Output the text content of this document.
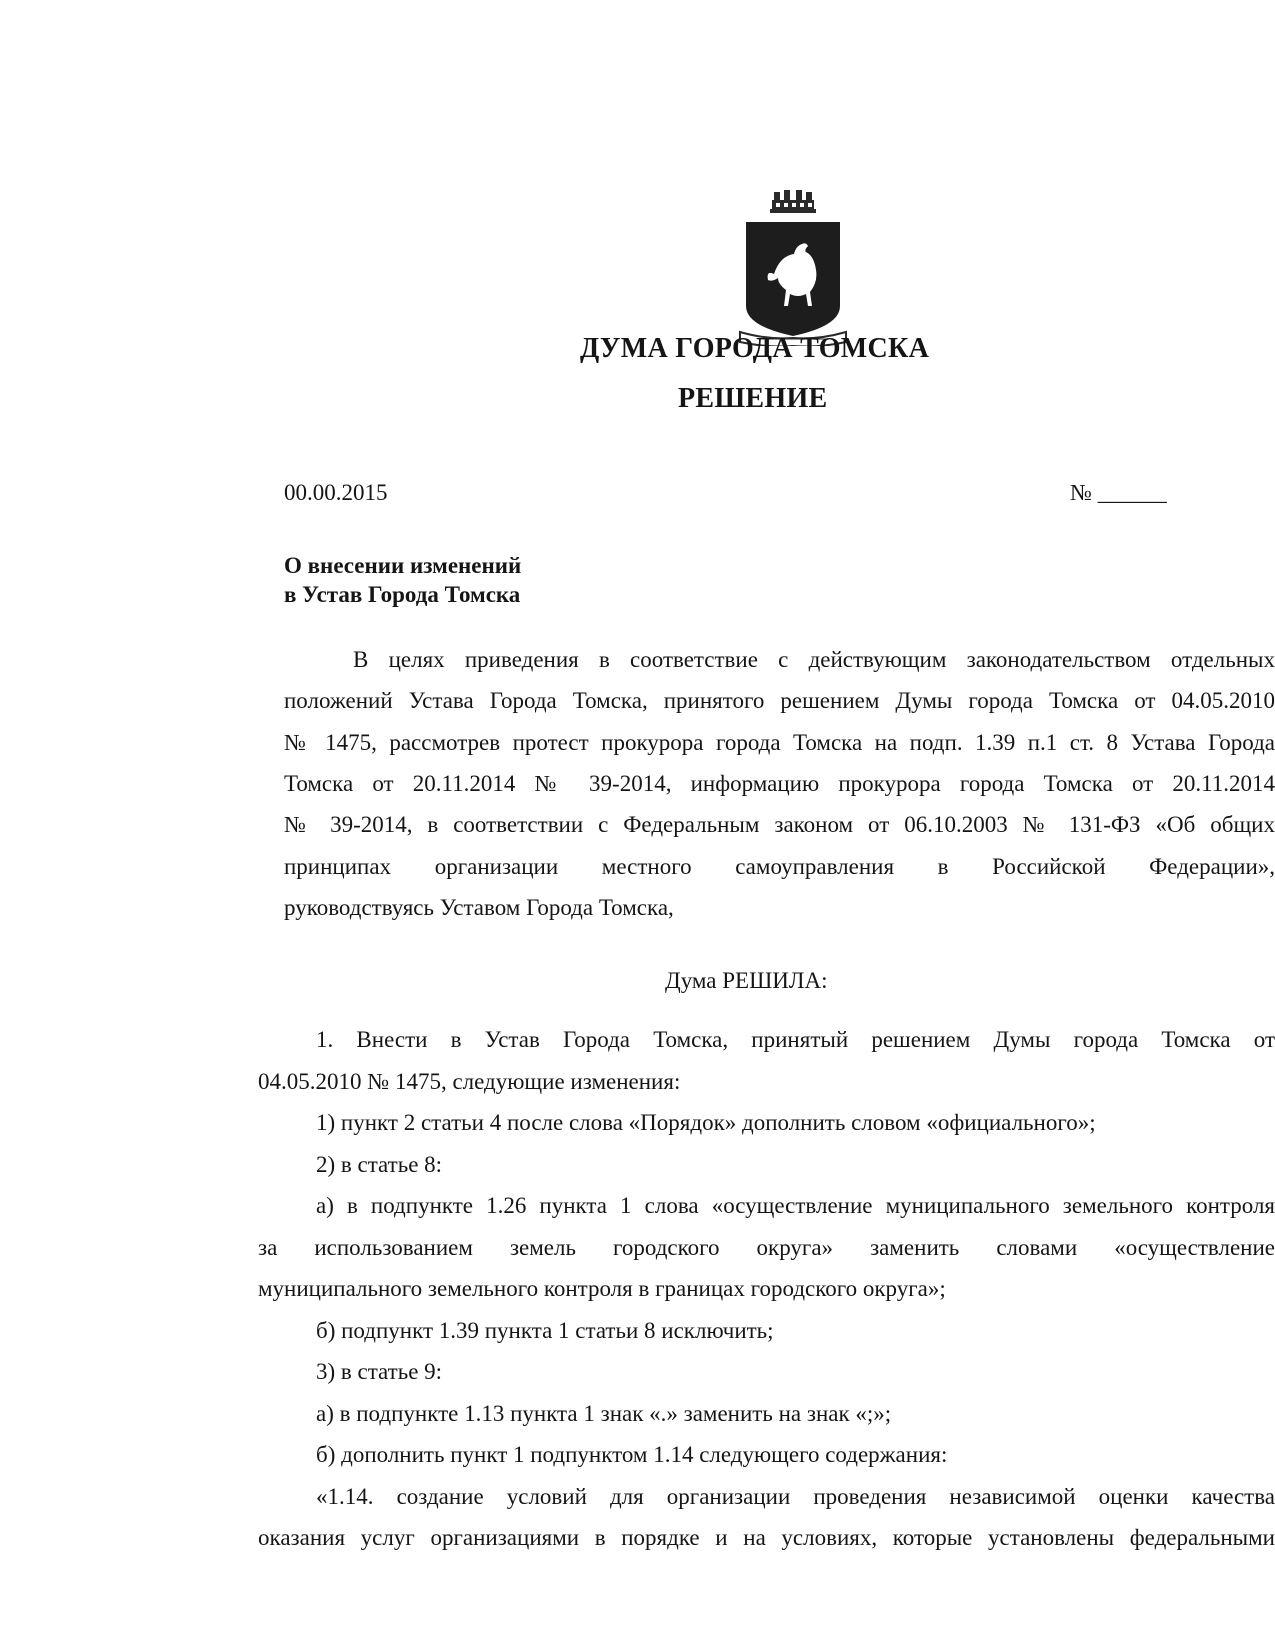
ДУМА ГОРОДА ТОМСКА

РЕШЕНИЕ

00.00.2015	№ ______

О внесении изменений

в Устав Города Томска

В целях приведения в соответствие с действующим законодательством отдельных

положений Устава Города Томска, принятого решением Думы города Томска от 04.05.2010

№ 1475, рассмотрев протест прокурора города Томска на подп. 1.39 п.1 ст. 8 Устава Города

Томска от 20.11.2014 № 39-2014, информацию прокурора города Томска от 20.11.2014

№ 39-2014, в соответствии с Федеральным законом от 06.10.2003 № 131-ФЗ «Об общих

принципах организации местного самоуправления в Российской Федерации»,

руководствуясь Уставом Города Томска,

Дума РЕШИЛА:

1. Внести в Устав Города Томска, принятый решением Думы города Томска от

04.05.2010 № 1475, следующие изменения:

1) пункт 2 статьи 4 после слова «Порядок» дополнить словом «официального»;

2) в статье 8:

а) в подпункте 1.26 пункта 1 слова «осуществление муниципального земельного контроля

за использованием земель городского округа» заменить словами «осуществление

муниципального земельного контроля в границах городского округа»;

б) подпункт 1.39 пункта 1 статьи 8 исключить;

3) в статье 9:

а) в подпункте 1.13 пункта 1 знак «.» заменить на знак «;»;

б) дополнить пункт 1 подпунктом 1.14 следующего содержания:

«1.14. создание условий для организации проведения независимой оценки качества

оказания услуг организациями в порядке и на условиях, которые установлены федеральными
